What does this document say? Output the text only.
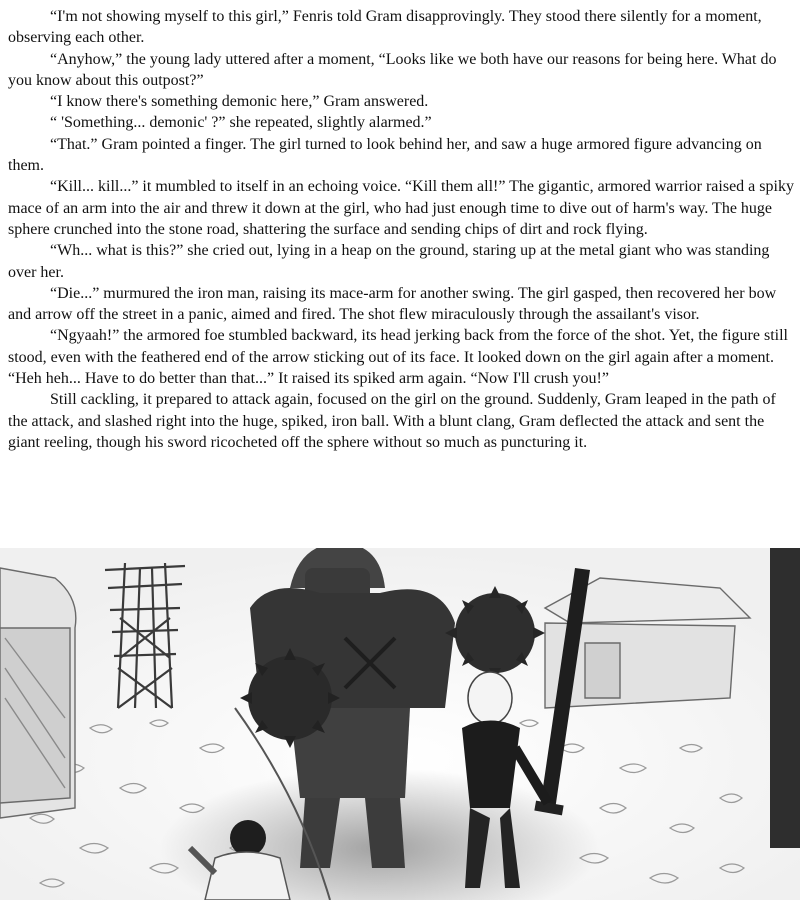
“I'm not showing myself to this girl,” Fenris told Gram disapprovingly. They stood there silently for a moment, observing each other.

“Anyhow,” the young lady uttered after a moment, “Looks like we both have our reasons for being here. What do you know about this outpost?”

“I know there's something demonic here,” Gram answered.

“ 'Something... demonic' ?” she repeated, slightly alarmed.”

“That.” Gram pointed a finger. The girl turned to look behind her, and saw a huge armored figure advancing on them.

“Kill... kill...” it mumbled to itself in an echoing voice. “Kill them all!” The gigantic, armored warrior raised a spiky mace of an arm into the air and threw it down at the girl, who had just enough time to dive out of harm's way. The huge sphere crunched into the stone road, shattering the surface and sending chips of dirt and rock flying.

“Wh... what is this?” she cried out, lying in a heap on the ground, staring up at the metal giant who was standing over her.

“Die...” murmured the iron man, raising its mace-arm for another swing. The girl gasped, then recovered her bow and arrow off the street in a panic, aimed and fired. The shot flew miraculously through the assailant's visor.

“Ngyaah!” the armored foe stumbled backward, its head jerking back from the force of the shot. Yet, the figure still stood, even with the feathered end of the arrow sticking out of its face. It looked down on the girl again after a moment. “Heh heh... Have to do better than that...” It raised its spiked arm again. “Now I'll crush you!”

Still cackling, it prepared to attack again, focused on the girl on the ground. Suddenly, Gram leaped in the path of the attack, and slashed right into the huge, spiked, iron ball. With a blunt clang, Gram deflected the attack and sent the giant reeling, though his sword ricocheted off the sphere without so much as puncturing it.
